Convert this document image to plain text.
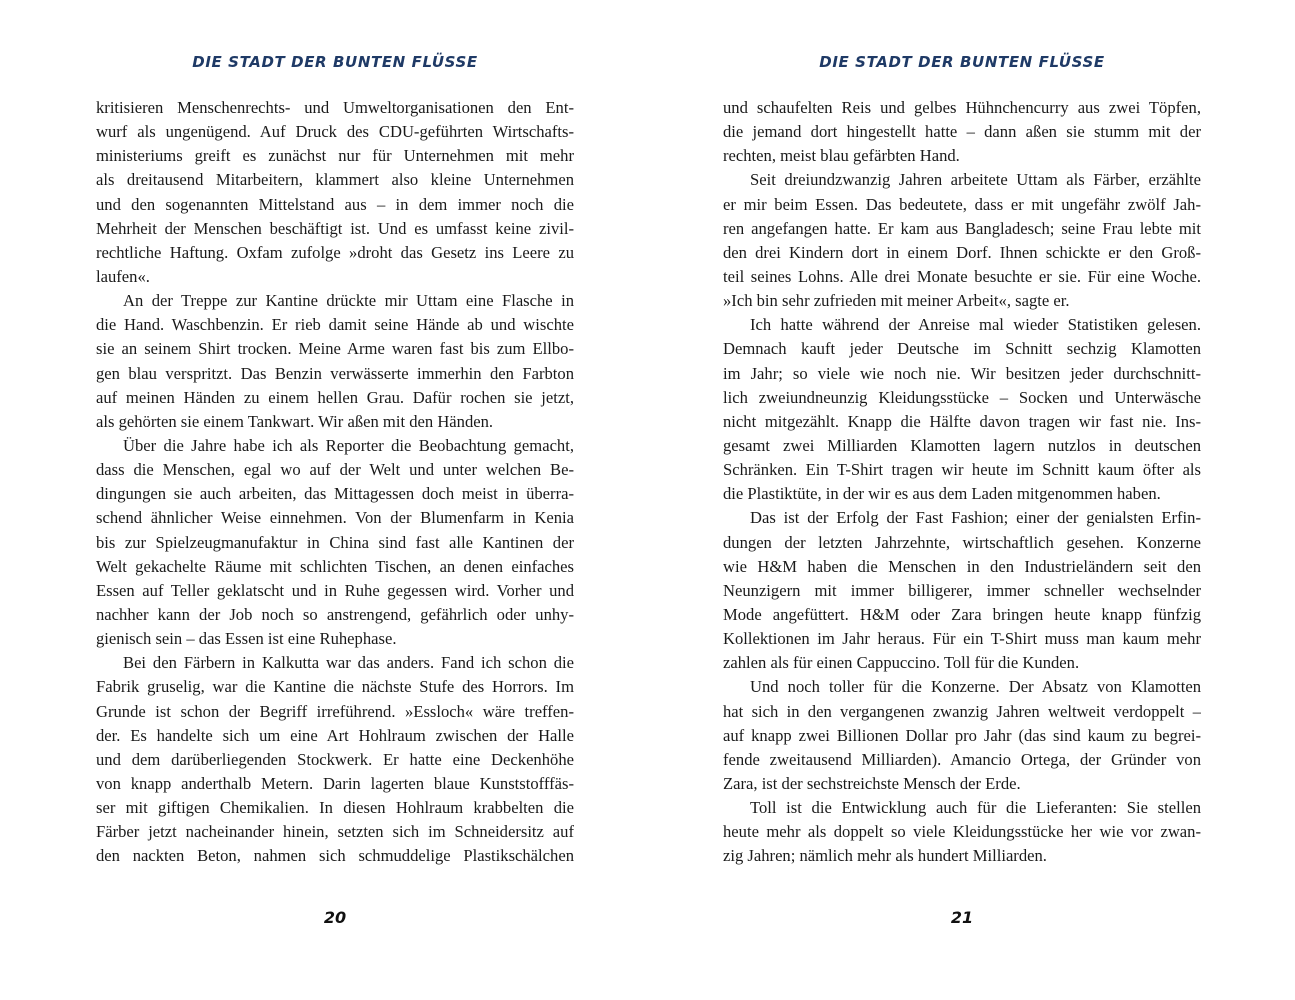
DIE STADT DER BUNTEN FLÜSSE
kritisieren Menschenrechts- und Umweltorganisationen den Ent-
wurf als ungenügend. Auf Druck des CDU-geführten Wirtschafts-
ministeriums greift es zunächst nur für Unternehmen mit mehr
als dreitausend Mitarbeitern, klammert also kleine Unternehmen
und den sogenannten Mittelstand aus – in dem immer noch die
Mehrheit der Menschen beschäftigt ist. Und es umfasst keine zivil-
rechtliche Haftung. Oxfam zufolge »droht das Gesetz ins Leere zu
laufen«.
An der Treppe zur Kantine drückte mir Uttam eine Flasche in
die Hand. Waschbenzin. Er rieb damit seine Hände ab und wischte
sie an seinem Shirt trocken. Meine Arme waren fast bis zum Ellbo-
gen blau verspritzt. Das Benzin verwässerte immerhin den Farbton
auf meinen Händen zu einem hellen Grau. Dafür rochen sie jetzt,
als gehörten sie einem Tankwart. Wir aßen mit den Händen.
Über die Jahre habe ich als Reporter die Beobachtung gemacht,
dass die Menschen, egal wo auf der Welt und unter welchen Be-
dingungen sie auch arbeiten, das Mittagessen doch meist in überra-
schend ähnlicher Weise einnehmen. Von der Blumenfarm in Kenia
bis zur Spielzeugmanufaktur in China sind fast alle Kantinen der
Welt gekachelte Räume mit schlichten Tischen, an denen einfaches
Essen auf Teller geklatscht und in Ruhe gegessen wird. Vorher und
nachher kann der Job noch so anstrengend, gefährlich oder unhy-
gienisch sein – das Essen ist eine Ruhephase.
Bei den Färbern in Kalkutta war das anders. Fand ich schon die
Fabrik gruselig, war die Kantine die nächste Stufe des Horrors. Im
Grunde ist schon der Begriff irreführend. »Essloch« wäre treffen-
der. Es handelte sich um eine Art Hohlraum zwischen der Halle
und dem darüberliegenden Stockwerk. Er hatte eine Deckenhöhe
von knapp anderthalb Metern. Darin lagerten blaue Kunststofffäs-
ser mit giftigen Chemikalien. In diesen Hohlraum krabbelten die
Färber jetzt nacheinander hinein, setzten sich im Schneidersitz auf
den nackten Beton, nahmen sich schmuddelige Plastikschälchen
20
DIE STADT DER BUNTEN FLÜSSE
und schaufelten Reis und gelbes Hühnchencurry aus zwei Töpfen,
die jemand dort hingestellt hatte – dann aßen sie stumm mit der
rechten, meist blau gefärbten Hand.
Seit dreiundzwanzig Jahren arbeitete Uttam als Färber, erzählte
er mir beim Essen. Das bedeutete, dass er mit ungefähr zwölf Jah-
ren angefangen hatte. Er kam aus Bangladesch; seine Frau lebte mit
den drei Kindern dort in einem Dorf. Ihnen schickte er den Groß-
teil seines Lohns. Alle drei Monate besuchte er sie. Für eine Woche.
»Ich bin sehr zufrieden mit meiner Arbeit«, sagte er.
Ich hatte während der Anreise mal wieder Statistiken gelesen.
Demnach kauft jeder Deutsche im Schnitt sechzig Klamotten
im Jahr; so viele wie noch nie. Wir besitzen jeder durchschnitt-
lich zweiundneunzig Kleidungsstücke – Socken und Unterwäsche
nicht mitgezählt. Knapp die Hälfte davon tragen wir fast nie. Ins-
gesamt zwei Milliarden Klamotten lagern nutzlos in deutschen
Schränken. Ein T-Shirt tragen wir heute im Schnitt kaum öfter als
die Plastiktüte, in der wir es aus dem Laden mitgenommen haben.
Das ist der Erfolg der Fast Fashion; einer der genialsten Erfin-
dungen der letzten Jahrzehnte, wirtschaftlich gesehen. Konzerne
wie H&M haben die Menschen in den Industrieländern seit den
Neunzigern mit immer billigerer, immer schneller wechselnder
Mode angefüttert. H&M oder Zara bringen heute knapp fünfzig
Kollektionen im Jahr heraus. Für ein T-Shirt muss man kaum mehr
zahlen als für einen Cappuccino. Toll für die Kunden.
Und noch toller für die Konzerne. Der Absatz von Klamotten
hat sich in den vergangenen zwanzig Jahren weltweit verdoppelt –
auf knapp zwei Billionen Dollar pro Jahr (das sind kaum zu begrei-
fende zweitausend Milliarden). Amancio Ortega, der Gründer von
Zara, ist der sechstreichste Mensch der Erde.
Toll ist die Entwicklung auch für die Lieferanten: Sie stellen
heute mehr als doppelt so viele Kleidungsstücke her wie vor zwan-
zig Jahren; nämlich mehr als hundert Milliarden.
21
